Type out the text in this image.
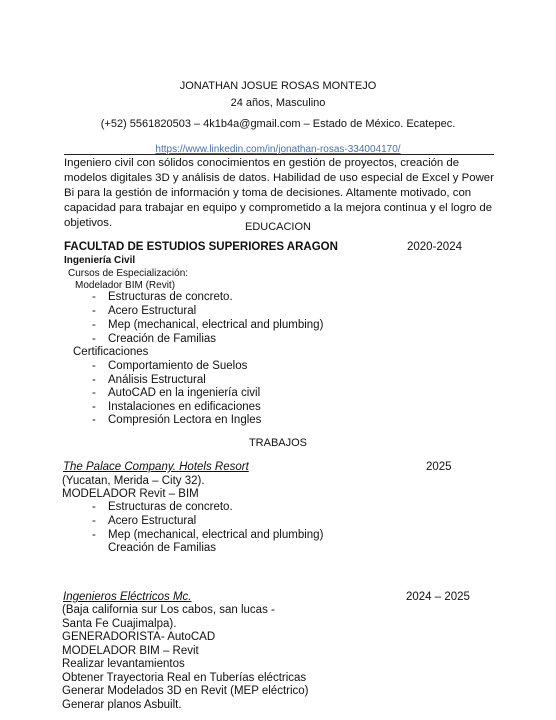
JONATHAN JOSUE ROSAS MONTEJO
24 años, Masculino
(+52) 5561820503 – 4k1b4a@gmail.com – Estado de México. Ecatepec.
https://www.linkedin.com/in/jonathan-rosas-334004170/
Ingeniero civil con sólidos conocimientos en gestión de proyectos, creación de modelos digitales 3D y análisis de datos. Habilidad de uso especial de Excel y Power Bi para la gestión de información y toma de decisiones. Altamente motivado, con capacidad para trabajar en equipo y comprometido a la mejora continua y el logro de objetivos.	EDUCACION
FACULTAD DE ESTUDIOS SUPERIORES ARAGON	2020-2024
Ingeniería Civil
Cursos de Especialización:
Modelador BIM (Revit)
- Estructuras de concreto.
- Acero Estructural
- Mep (mechanical, electrical and plumbing)
- Creación de Familias
Certificaciones
- Comportamiento de Suelos
- Análisis Estructural
- AutoCAD en la ingeniería civil
- Instalaciones en edificaciones
- Compresión Lectora en Ingles
TRABAJOS
The Palace Company. Hotels Resort	2025
(Yucatan, Merida – City 32).
MODELADOR Revit – BIM
- Estructuras de concreto.
- Acero Estructural
- Mep (mechanical, electrical and plumbing)
Creación de Familias
Ingenieros Eléctricos Mc.	2024 – 2025
(Baja california sur Los cabos, san lucas -
Santa Fe Cuajimalpa).
GENERADORISTA- AutoCAD
MODELADOR BIM – Revit
Realizar levantamientos
Obtener Trayectoria Real en Tuberías eléctricas
Generar Modelados 3D en Revit (MEP eléctrico)
Generar planos Asbuilt.
